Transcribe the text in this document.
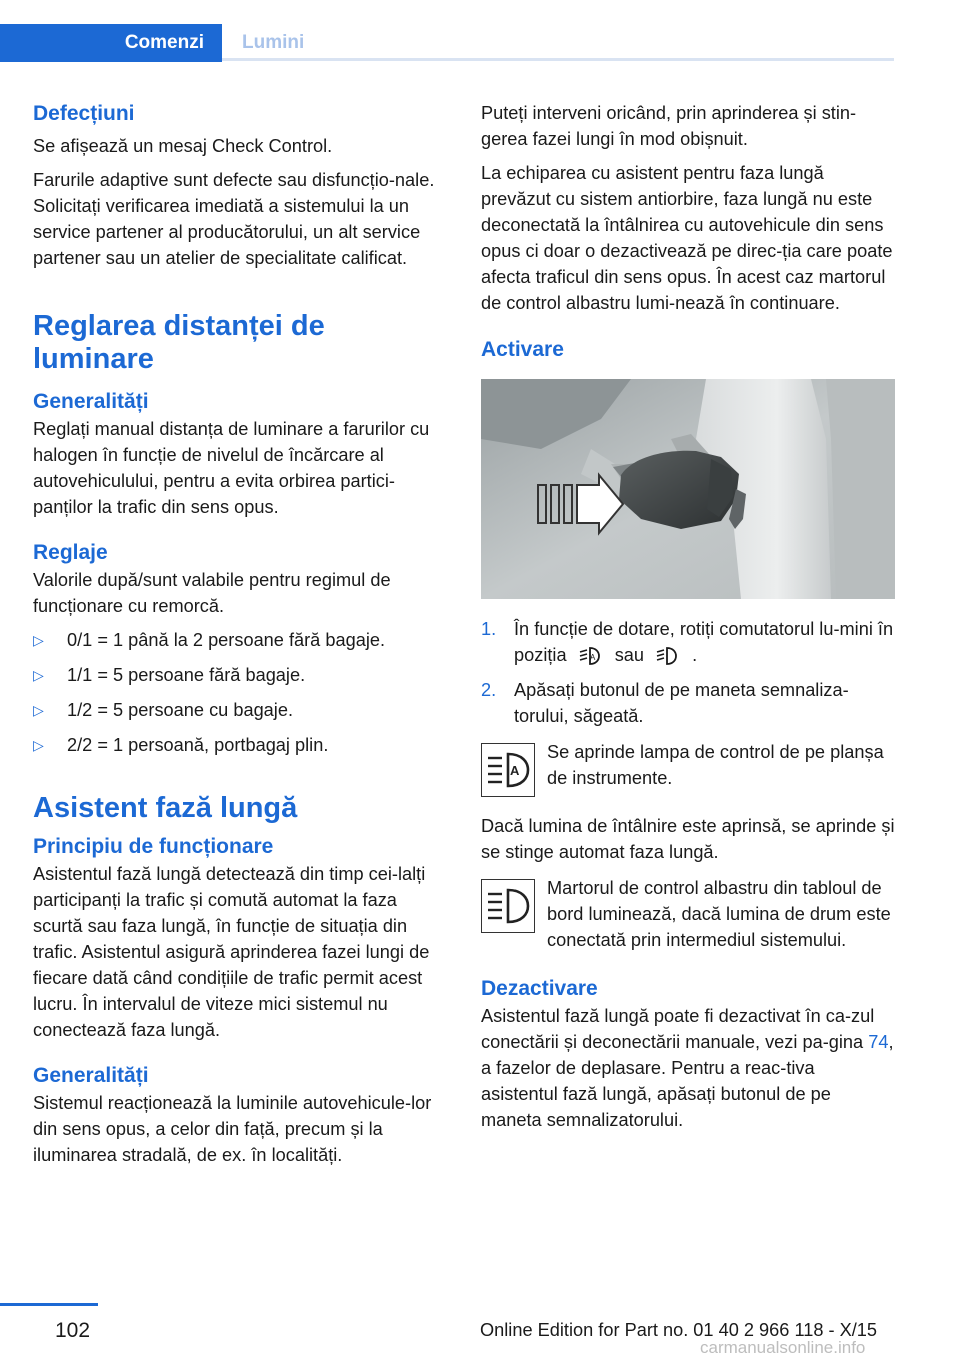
Comenzi	Lumini
Defecțiuni

Se afișează un mesaj Check Control.

Farurile adaptive sunt defecte sau disfuncțio‐nale. Solicitați verificarea imediată a sistemului la un service partener al producătorului, un alt service partener sau un atelier de specialitate calificat.

Reglarea distanței de luminare
Generalități

Reglați manual distanța de luminare a farurilor cu halogen în funcție de nivelul de încărcare al autovehiculului, pentru a evita orbirea partici‐panților la trafic din sens opus.

Reglaje

Valorile după/sunt valabile pentru regimul de funcționare cu remorcă.

▷ 0/1 = 1 până la 2 persoane fără bagaje.
▷ 1/1 = 5 persoane fără bagaje.
▷ 1/2 = 5 persoane cu bagaje.
▷ 2/2 = 1 persoană, portbagaj plin.
Asistent fază lungă
Principiu de funcționare

Asistentul fază lungă detectează din timp cei‐lalți participanți la trafic și comută automat la faza scurtă sau faza lungă, în funcție de situația din trafic. Asistentul asigură aprinderea fazei lungi de fiecare dată când condițiile de trafic permit acest lucru. În intervalul de viteze mici sistemul nu conectează faza lungă.

Generalități

Sistemul reacționează la luminile autovehicule‐lor din sens opus, a celor din față, precum și la iluminarea stradală, de ex. în localități.

Puteți interveni oricând, prin aprinderea și stin‐gerea fazei lungi în mod obișnuit.

La echiparea cu asistent pentru faza lungă prevăzut cu sistem antiorbire, faza lungă nu este deconectată la întâlnirea cu autovehicule din sens opus ci doar o dezactivează pe direc‐ția care poate afecta traficul din sens opus. În acest caz martorul de control albastru lumi‐nează în continuare.

Activare
1. În funcție de dotare, rotiți comutatorul lu‐mini în poziția	A sau	.
2. Apăsați butonul de pe maneta semnaliza‐torului, săgeată.
A

Se aprinde lampa de control de pe planșa de instrumente.

Dacă lumina de întâlnire este aprinsă, se aprinde și se stinge automat faza lungă.

Martorul de control albastru din tabloul de bord luminează, dacă lumina de drum este conectată prin intermediul sistemului.

Dezactivare

Asistentul fază lungă poate fi dezactivat în ca‐zul conectării și deconectării manuale, vezi pa‐gina 74, a fazelor de deplasare. Pentru a reac‐tiva asistentul fază lungă, apăsați butonul de pe maneta semnalizatorului.

102	Online Edition for Part no. 01 40 2 966 118 - X/15
carmanualsonline.info
